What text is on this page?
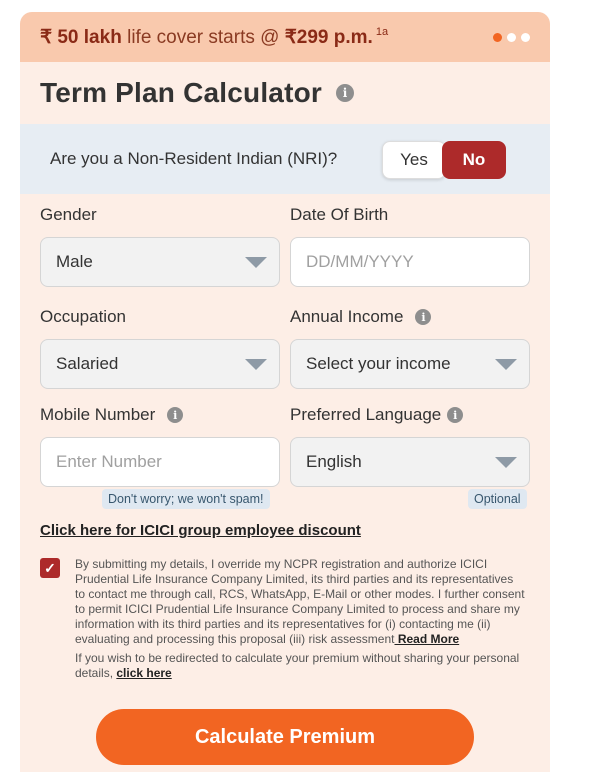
₹ 50 lakh life cover starts @ ₹299 p.m. $^{1a}$
Term Plan Calculator	i
Are you a Non-Resident Indian (NRI)?	Yes	No
Gender
Male
Date Of Birth
DD/MM/YYYY
Occupation
Salaried
Annual Income	i
Select your income
Mobile Number	i
Enter Number
Don't worry; we won't spam!
Preferred Language	i
English
Optional
Click here for ICICI group employee discount
✓	By submitting my details, I override my NCPR registration and authorize ICICI Prudential Life Insurance Company Limited, its third parties and its representatives to contact me through call, RCS, WhatsApp, E-Mail or other modes. I further consent to permit ICICI Prudential Life Insurance Company Limited to process and share my information with its third parties and its representatives for (i) contacting me (ii) evaluating and processing this proposal (iii) risk assessment Read More

If you wish to be redirected to calculate your premium without sharing your personal details, click here

Calculate Premium
